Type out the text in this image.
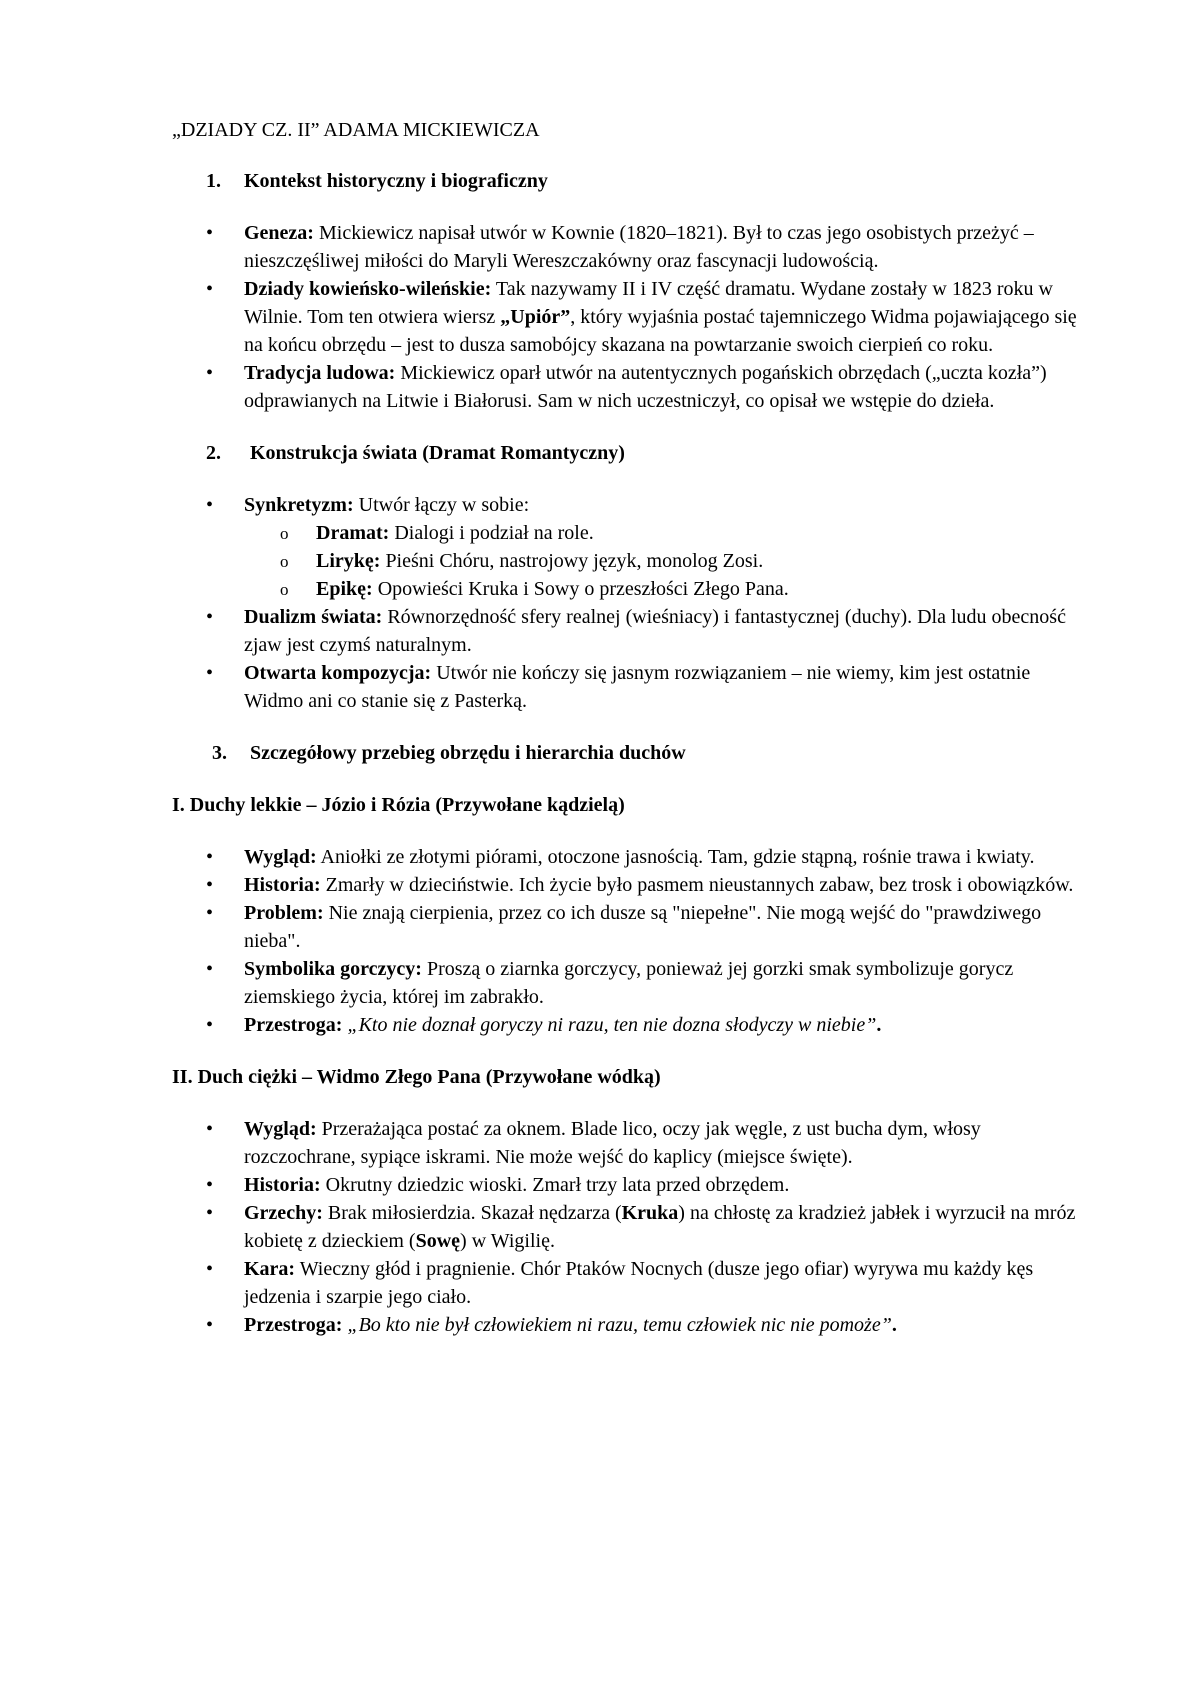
„DZIADY CZ. II” ADAMA MICKIEWICZA
1.	Kontekst historyczny i biograficzny
• Geneza: Mickiewicz napisał utwór w Kownie (1820–1821). Był to czas jego osobistych przeżyć – nieszczęśliwej miłości do Maryli Wereszczakówny oraz fascynacji ludowością.
• Dziady kowieńsko-wileńskie: Tak nazywamy II i IV część dramatu. Wydane zostały w 1823 roku w Wilnie. Tom ten otwiera wiersz „Upiór”, który wyjaśnia postać tajemniczego Widma pojawiającego się na końcu obrzędu – jest to dusza samobójcy skazana na powtarzanie swoich cierpień co roku.
• Tradycja ludowa: Mickiewicz oparł utwór na autentycznych pogańskich obrzędach („uczta kozła”) odprawianych na Litwie i Białorusi. Sam w nich uczestniczył, co opisał we wstępie do dzieła.
2.	Konstrukcja świata (Dramat Romantyczny)
• Synkretyzm: Utwór łączy w sobie:
o Dramat: Dialogi i podział na role.
o Lirykę: Pieśni Chóru, nastrojowy język, monolog Zosi.
o Epikę: Opowieści Kruka i Sowy o przeszłości Złego Pana.
• Dualizm świata: Równorzędność sfery realnej (wieśniacy) i fantastycznej (duchy). Dla ludu obecność zjaw jest czymś naturalnym.
• Otwarta kompozycja: Utwór nie kończy się jasnym rozwiązaniem – nie wiemy, kim jest ostatnie Widmo ani co stanie się z Pasterką.
3.	Szczegółowy przebieg obrzędu i hierarchia duchów
I. Duchy lekkie – Józio i Rózia (Przywołane kądzielą)
• Wygląd: Aniołki ze złotymi piórami, otoczone jasnością. Tam, gdzie stąpną, rośnie trawa i kwiaty.
• Historia: Zmarły w dzieciństwie. Ich życie było pasmem nieustannych zabaw, bez trosk i obowiązków.
• Problem: Nie znają cierpienia, przez co ich dusze są "niepełne". Nie mogą wejść do "prawdziwego nieba".
• Symbolika gorczycy: Proszą o ziarnka gorczycy, ponieważ jej gorzki smak symbolizuje gorycz ziemskiego życia, której im zabrakło.
• Przestroga: „Kto nie doznał goryczy ni razu, ten nie dozna słodyczy w niebie”.
II. Duch ciężki – Widmo Złego Pana (Przywołane wódką)
• Wygląd: Przerażająca postać za oknem. Blade lico, oczy jak węgle, z ust bucha dym, włosy rozczochrane, sypiące iskrami. Nie może wejść do kaplicy (miejsce święte).
• Historia: Okrutny dziedzic wioski. Zmarł trzy lata przed obrzędem.
• Grzechy: Brak miłosierdzia. Skazał nędzarza (Kruka) na chłostę za kradzież jabłek i wyrzucił na mróz kobietę z dzieckiem (Sowę) w Wigilię.
• Kara: Wieczny głód i pragnienie. Chór Ptaków Nocnych (dusze jego ofiar) wyrywa mu każdy kęs jedzenia i szarpie jego ciało.
• Przestroga: „Bo kto nie był człowiekiem ni razu, temu człowiek nic nie pomoże”.
